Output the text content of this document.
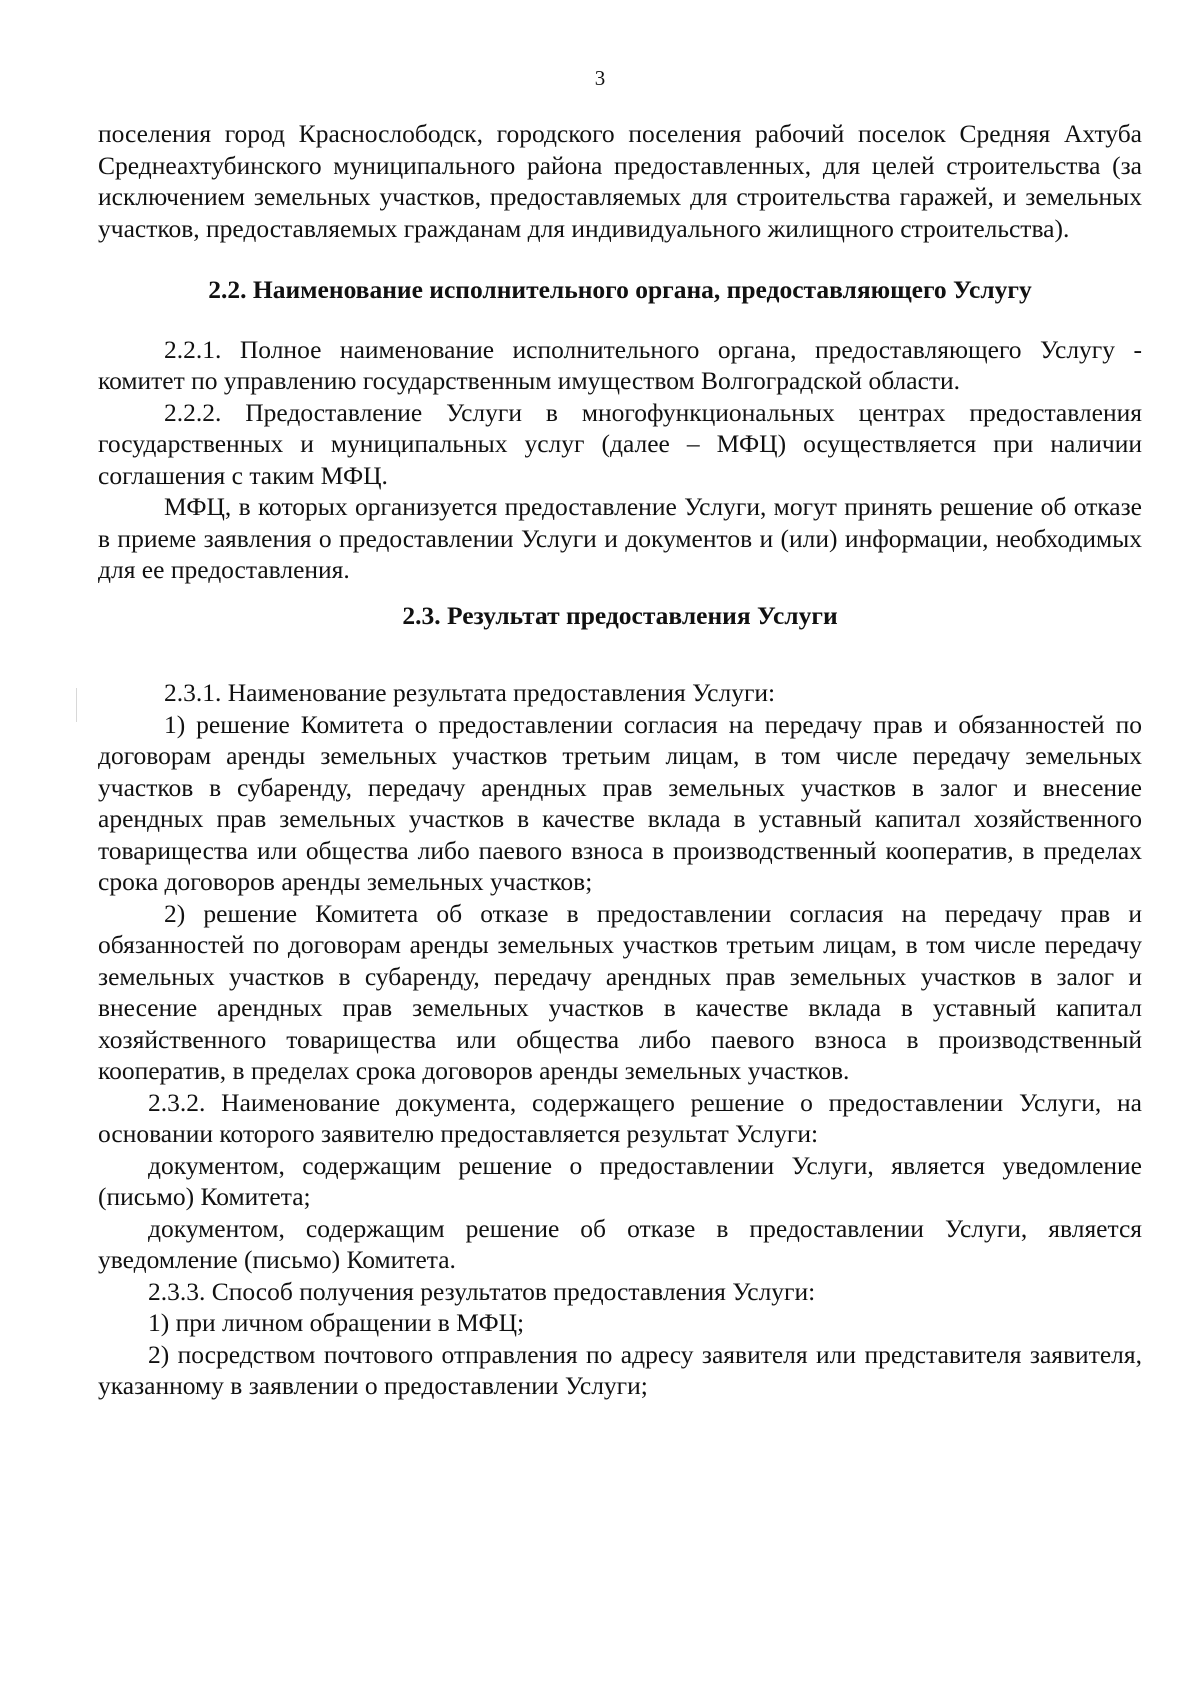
3

поселения город Краснослободск, городского поселения рабочий поселок Средняя Ахтуба Среднеахтубинского муниципального района предоставленных, для целей строительства (за исключением земельных участков, предоставляемых для строительства гаражей, и земельных участков, предоставляемых гражданам для индивидуального жилищного строительства).

2.2. Наименование исполнительного органа, предоставляющего Услугу

2.2.1. Полное наименование исполнительного органа, предоставляющего Услугу - комитет по управлению государственным имуществом Волгоградской области.

2.2.2. Предоставление Услуги в многофункциональных центрах предоставления государственных и муниципальных услуг (далее – МФЦ) осуществляется при наличии соглашения с таким МФЦ.

МФЦ, в которых организуется предоставление Услуги, могут принять решение об отказе в приеме заявления о предоставлении Услуги и документов и (или) информации, необходимых для ее предоставления.

2.3. Результат предоставления Услуги

2.3.1. Наименование результата предоставления Услуги:

1) решение Комитета о предоставлении согласия на передачу прав и обязанностей по договорам аренды земельных участков третьим лицам, в том числе передачу земельных участков в субаренду, передачу арендных прав земельных участков в залог и внесение арендных прав земельных участков в качестве вклада в уставный капитал хозяйственного товарищества или общества либо паевого взноса в производственный кооператив, в пределах срока договоров аренды земельных участков;

2) решение Комитета об отказе в предоставлении согласия на передачу прав и обязанностей по договорам аренды земельных участков третьим лицам, в том числе передачу земельных участков в субаренду, передачу арендных прав земельных участков в залог и внесение арендных прав земельных участков в качестве вклада в уставный капитал хозяйственного товарищества или общества либо паевого взноса в производственный кооператив, в пределах срока договоров аренды земельных участков.

2.3.2. Наименование документа, содержащего решение о предоставлении Услуги, на основании которого заявителю предоставляется результат Услуги:

документом, содержащим решение о предоставлении Услуги, является уведомление (письмо) Комитета;

документом, содержащим решение об отказе в предоставлении Услуги, является уведомление (письмо) Комитета.

2.3.3. Способ получения результатов предоставления Услуги:

1) при личном обращении в МФЦ;

2) посредством почтового отправления по адресу заявителя или представителя заявителя, указанному в заявлении о предоставлении Услуги;
